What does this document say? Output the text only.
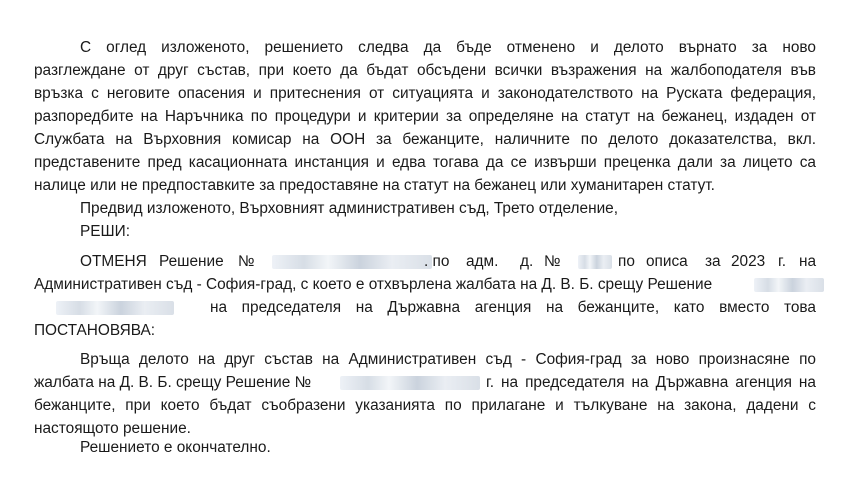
С оглед изложеното, решението следва да бъде отменено и делото върнато за ново
разглеждане от друг състав, при което да бъдат обсъдени всички възражения на жалбоподателя във
връзка с неговите опасения и притеснения от ситуацията и законодателството на Руската федерация,
разпоредбите на Наръчника по процедури и критерии за определяне на статут на бежанец, издаден от
Службата на Върховния комисар на ООН за бежанците, наличните по делото доказателства, вкл.
представените пред касационната инстанция и едва тогава да се извърши преценка дали за лицето са
налице или не предпоставките за предоставяне на статут на бежанец или хуманитарен статут.
Предвид изложеното, Върховният административен съд, Трето отделение,
РЕШИ:
ОТМЕНЯ Решение №	. по адм. д. №	по описа за 2023 г. на
Административен съд - София-град, с което е отхвърлена жалбата на Д. В. Б. срещу Решение
на председателя на Държавна агенция на бежанците, като вместо това
ПОСТАНОВЯВА:
Връща делото на друг състав на Административен съд - София-град за ново произнасяне по
жалбата на Д. В. Б. срещу Решение №	г. на председателя на Държавна агенция на
бежанците, при което бъдат съобразени указанията по прилагане и тълкуване на закона, дадени с
настоящото решение.
Решението е окончателно.
